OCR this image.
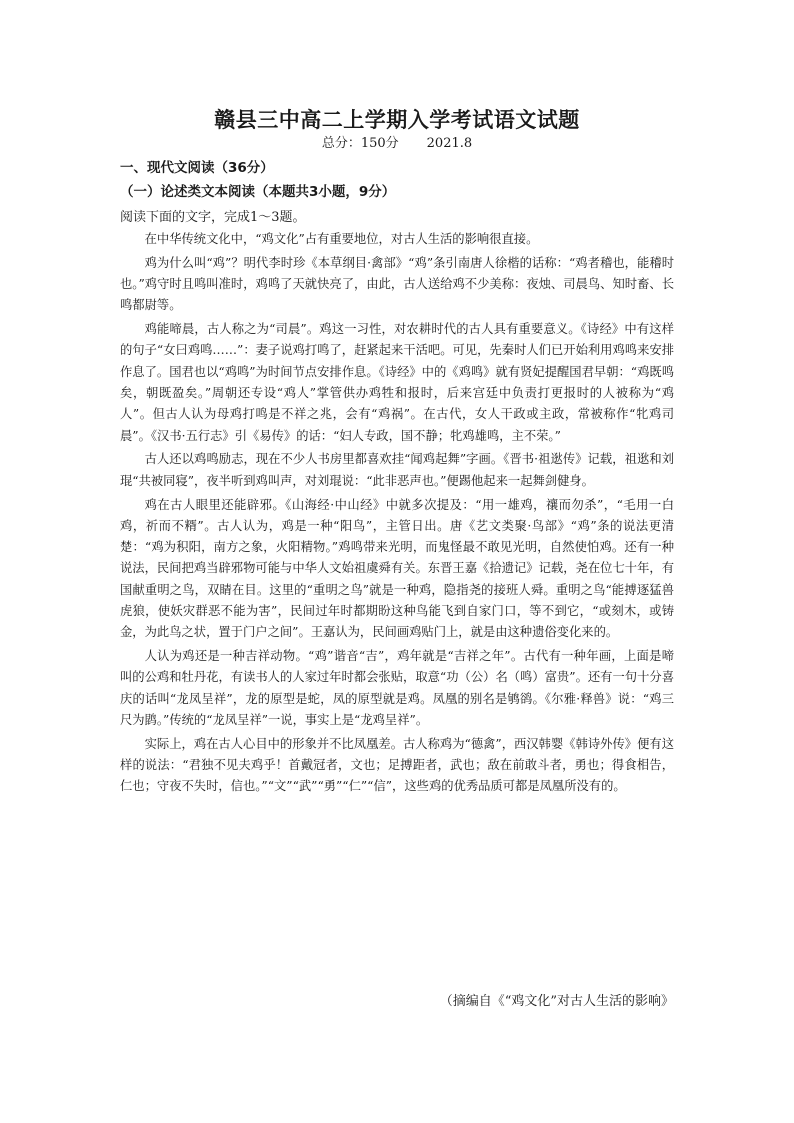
赣县三中高二上学期入学考试语文试题
总分：150分 2021.8
一、现代文阅读（36分）
（一）论述类文本阅读（本题共3小题，9分）
阅读下面的文字，完成1～3题。

在中华传统文化中，“鸡文化”占有重要地位，对古人生活的影响很直接。

鸡为什么叫“鸡”？明代李时珍《本草纲目·禽部》“鸡”条引南唐人徐楷的话称：“鸡者稽也，能稽时也。”鸡守时且鸣叫准时，鸡鸣了天就快亮了，由此，古人送给鸡不少美称：夜烛、司晨鸟、知时畜、长鸣都尉等。

鸡能啼晨，古人称之为“司晨”。鸡这一习性，对农耕时代的古人具有重要意义。《诗经》中有这样的句子“女曰鸡鸣……”：妻子说鸡打鸣了，赶紧起来干活吧。可见，先秦时人们已开始利用鸡鸣来安排作息了。国君也以“鸡鸣”为时间节点安排作息。《诗经》中的《鸡鸣》就有贤妃提醒国君早朝：“鸡既鸣矣，朝既盈矣。”周朝还专设“鸡人”掌管供办鸡牲和报时，后来宫廷中负责打更报时的人被称为“鸡人”。但古人认为母鸡打鸣是不祥之兆，会有“鸡祸”。在古代，女人干政或主政，常被称作“牝鸡司晨”。《汉书·五行志》引《易传》的话：“妇人专政，国不静；牝鸡雄鸣，主不荣。”

古人还以鸡鸣励志，现在不少人书房里都喜欢挂“闻鸡起舞”字画。《晋书·祖逖传》记载，祖逖和刘琨“共被同寝”，夜半听到鸡叫声，对刘琨说：“此非恶声也。”便踢他起来一起舞剑健身。

鸡在古人眼里还能辟邪。《山海经·中山经》中就多次提及：“用一雄鸡，禳而勿杀”，“毛用一白鸡，祈而不糈”。古人认为，鸡是一种“阳鸟”，主管日出。唐《艺文类聚·鸟部》“鸡”条的说法更清楚：“鸡为积阳，南方之象，火阳精物。”鸡鸣带来光明，而鬼怪最不敢见光明，自然使怕鸡。还有一种说法，民间把鸡当辟邪物可能与中华人文始祖虞舜有关。东晋王嘉《拾遗记》记载，尧在位七十年，有国献重明之鸟，双睛在目。这里的“重明之鸟”就是一种鸡，隐指尧的接班人舜。重明之鸟“能搏逐猛兽虎狼，使妖灾群恶不能为害”，民间过年时都期盼这种鸟能飞到自家门口，等不到它，“或刻木，或铸金，为此鸟之状，置于门户之间”。王嘉认为，民间画鸡贴门上，就是由这种遗俗变化来的。

人认为鸡还是一种吉祥动物。“鸡”谐音“吉”，鸡年就是“吉祥之年”。古代有一种年画，上面是啼叫的公鸡和牡丹花，有读书人的人家过年时都会张贴，取意“功（公）名（鸣）富贵”。还有一句十分喜庆的话叫“龙凤呈祥”，龙的原型是蛇，凤的原型就是鸡。凤凰的别名是鸲鹆。《尔雅·释兽》说：“鸡三尺为鹍。”传统的“龙凤呈祥”一说，事实上是“龙鸡呈祥”。

实际上，鸡在古人心目中的形象并不比凤凰差。古人称鸡为“德禽”，西汉韩婴《韩诗外传》便有这样的说法：“君独不见夫鸡乎！首戴冠者，文也；足搏距者，武也；敌在前敢斗者，勇也；得食相告，仁也；守夜不失时，信也。”“文”“武”“勇”“仁”“信”，这些鸡的优秀品质可都是凤凰所没有的。

（摘编自《“鸡文化”对古人生活的影响》
